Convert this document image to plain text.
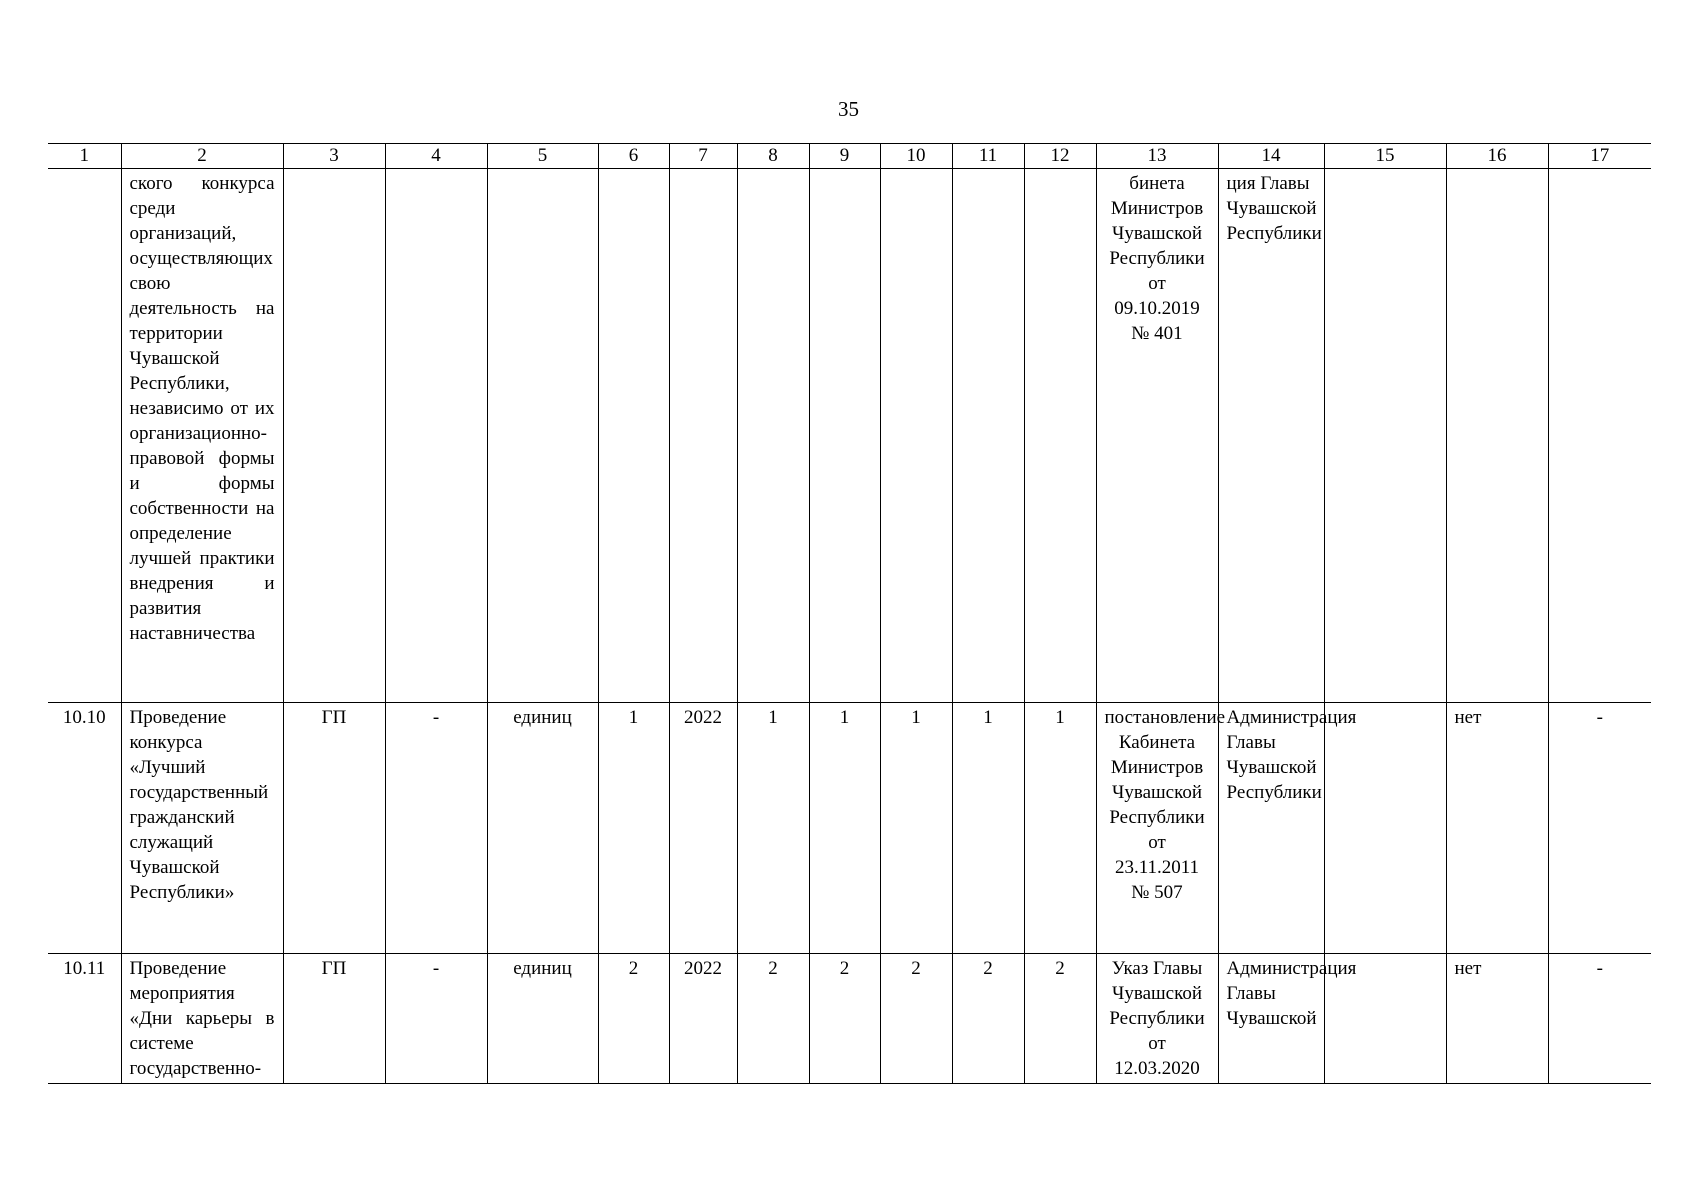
35
1	2	3	4	5	6	7	8	9	10	11	12	13	14	15	16	17
	ского конкурса среди организаций, осуществляющих свою деятельность на территории Чувашской Республики, независимо от их организационно-правовой формы и формы собственности на определение лучшей практики внедрения и развития наставничества											бинета Министров Чувашской Республики от 09.10.2019 № 401	ция Главы Чувашской Республики			
10.10	Проведение конкурса «Лучший государственный гражданский служащий Чувашской Республики»	ГП	-	единиц	1	2022	1	1	1	1	1	постановление Кабинета Министров Чувашской Республики от 23.11.2011 № 507	Администрация Главы Чувашской Республики		нет	-
10.11	Проведение мероприятия «Дни карьеры в системе государственно-	ГП	-	единиц	2	2022	2	2	2	2	2	Указ Главы Чувашской Республики от 12.03.2020	Администрация Главы Чувашской		нет	-
